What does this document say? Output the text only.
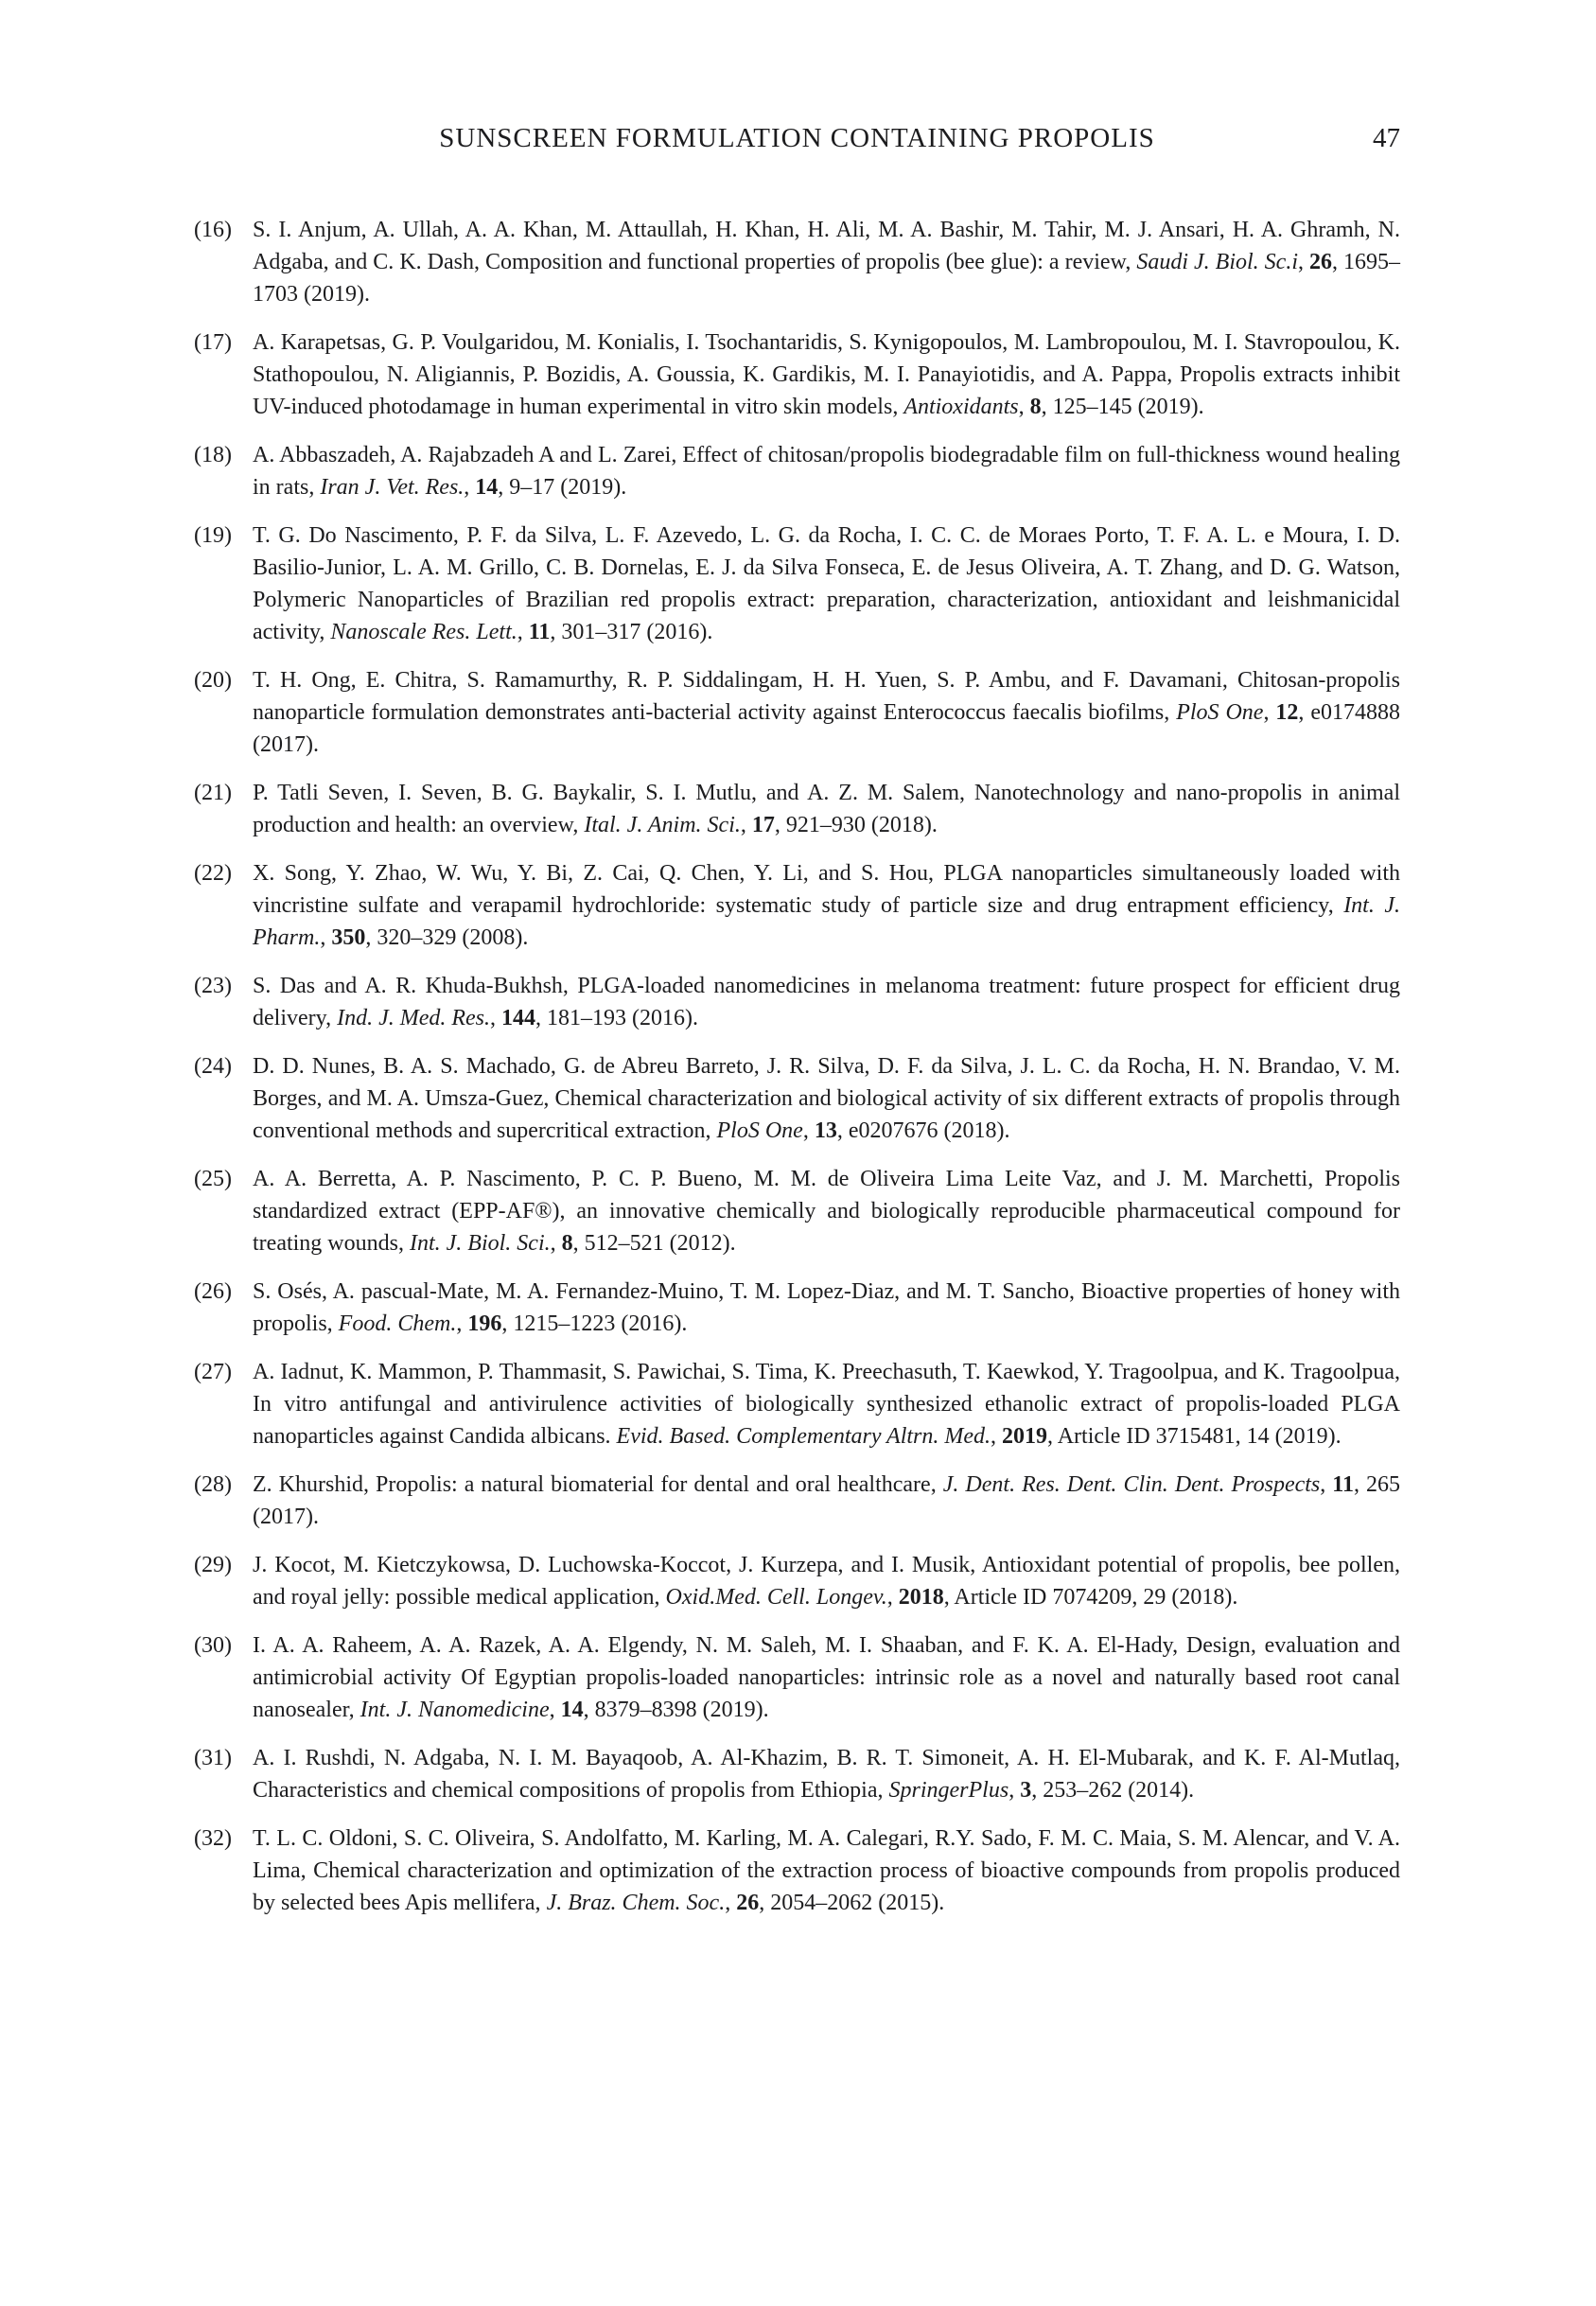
SUNSCREEN FORMULATION CONTAINING PROPOLIS	47
(16) S. I. Anjum, A. Ullah, A. A. Khan, M. Attaullah, H. Khan, H. Ali, M. A. Bashir, M. Tahir, M. J. Ansari, H. A. Ghramh, N. Adgaba, and C. K. Dash, Composition and functional properties of propolis (bee glue): a review, Saudi J. Biol. Sc.i, 26, 1695–1703 (2019).
(17) A. Karapetsas, G. P. Voulgaridou, M. Konialis, I. Tsochantaridis, S. Kynigopoulos, M. Lambropoulou, M. I. Stavropoulou, K. Stathopoulou, N. Aligiannis, P. Bozidis, A. Goussia, K. Gardikis, M. I. Panayiotidis, and A. Pappa, Propolis extracts inhibit UV-induced photodamage in human experimental in vitro skin models, Antioxidants, 8, 125–145 (2019).
(18) A. Abbaszadeh, A. Rajabzadeh A and L. Zarei, Effect of chitosan/propolis biodegradable film on full-thickness wound healing in rats, Iran J. Vet. Res., 14, 9–17 (2019).
(19) T. G. Do Nascimento, P. F. da Silva, L. F. Azevedo, L. G. da Rocha, I. C. C. de Moraes Porto, T. F. A. L. e Moura, I. D. Basilio-Junior, L. A. M. Grillo, C. B. Dornelas, E. J. da Silva Fonseca, E. de Jesus Oliveira, A. T. Zhang, and D. G. Watson, Polymeric Nanoparticles of Brazilian red propolis extract: preparation, characterization, antioxidant and leishmanicidal activity, Nanoscale Res. Lett., 11, 301–317 (2016).
(20) T. H. Ong, E. Chitra, S. Ramamurthy, R. P. Siddalingam, H. H. Yuen, S. P. Ambu, and F. Davamani, Chitosan-propolis nanoparticle formulation demonstrates anti-bacterial activity against Enterococcus faecalis biofilms, PloS One, 12, e0174888 (2017).
(21) P. Tatli Seven, I. Seven, B. G. Baykalir, S. I. Mutlu, and A. Z. M. Salem, Nanotechnology and nano-propolis in animal production and health: an overview, Ital. J. Anim. Sci., 17, 921–930 (2018).
(22) X. Song, Y. Zhao, W. Wu, Y. Bi, Z. Cai, Q. Chen, Y. Li, and S. Hou, PLGA nanoparticles simultaneously loaded with vincristine sulfate and verapamil hydrochloride: systematic study of particle size and drug entrapment efficiency, Int. J. Pharm., 350, 320–329 (2008).
(23) S. Das and A. R. Khuda-Bukhsh, PLGA-loaded nanomedicines in melanoma treatment: future prospect for efficient drug delivery, Ind. J. Med. Res., 144, 181–193 (2016).
(24) D. D. Nunes, B. A. S. Machado, G. de Abreu Barreto, J. R. Silva, D. F. da Silva, J. L. C. da Rocha, H. N. Brandao, V. M. Borges, and M. A. Umsza-Guez, Chemical characterization and biological activity of six different extracts of propolis through conventional methods and supercritical extraction, PloS One, 13, e0207676 (2018).
(25) A. A. Berretta, A. P. Nascimento, P. C. P. Bueno, M. M. de Oliveira Lima Leite Vaz, and J. M. Marchetti, Propolis standardized extract (EPP-AF®), an innovative chemically and biologically reproducible pharmaceutical compound for treating wounds, Int. J. Biol. Sci., 8, 512–521 (2012).
(26) S. Osés, A. pascual-Mate, M. A. Fernandez-Muino, T. M. Lopez-Diaz, and M. T. Sancho, Bioactive properties of honey with propolis, Food. Chem., 196, 1215–1223 (2016).
(27) A. Iadnut, K. Mammon, P. Thammasit, S. Pawichai, S. Tima, K. Preechasuth, T. Kaewkod, Y. Tragoolpua, and K. Tragoolpua, In vitro antifungal and antivirulence activities of biologically synthesized ethanolic extract of propolis-loaded PLGA nanoparticles against Candida albicans. Evid. Based. Complementary Altrn. Med., 2019, Article ID 3715481, 14 (2019).
(28) Z. Khurshid, Propolis: a natural biomaterial for dental and oral healthcare, J. Dent. Res. Dent. Clin. Dent. Prospects, 11, 265 (2017).
(29) J. Kocot, M. Kietczykowsa, D. Luchowska-Koccot, J. Kurzepa, and I. Musik, Antioxidant potential of propolis, bee pollen, and royal jelly: possible medical application, Oxid.Med. Cell. Longev., 2018, Article ID 7074209, 29 (2018).
(30) I. A. A. Raheem, A. A. Razek, A. A. Elgendy, N. M. Saleh, M. I. Shaaban, and F. K. A. El-Hady, Design, evaluation and antimicrobial activity Of Egyptian propolis-loaded nanoparticles: intrinsic role as a novel and naturally based root canal nanosealer, Int. J. Nanomedicine, 14, 8379–8398 (2019).
(31) A. I. Rushdi, N. Adgaba, N. I. M. Bayaqoob, A. Al-Khazim, B. R. T. Simoneit, A. H. El-Mubarak, and K. F. Al-Mutlaq, Characteristics and chemical compositions of propolis from Ethiopia, SpringerPlus, 3, 253–262 (2014).
(32) T. L. C. Oldoni, S. C. Oliveira, S. Andolfatto, M. Karling, M. A. Calegari, R.Y. Sado, F. M. C. Maia, S. M. Alencar, and V. A. Lima, Chemical characterization and optimization of the extraction process of bioactive compounds from propolis produced by selected bees Apis mellifera, J. Braz. Chem. Soc., 26, 2054–2062 (2015).
